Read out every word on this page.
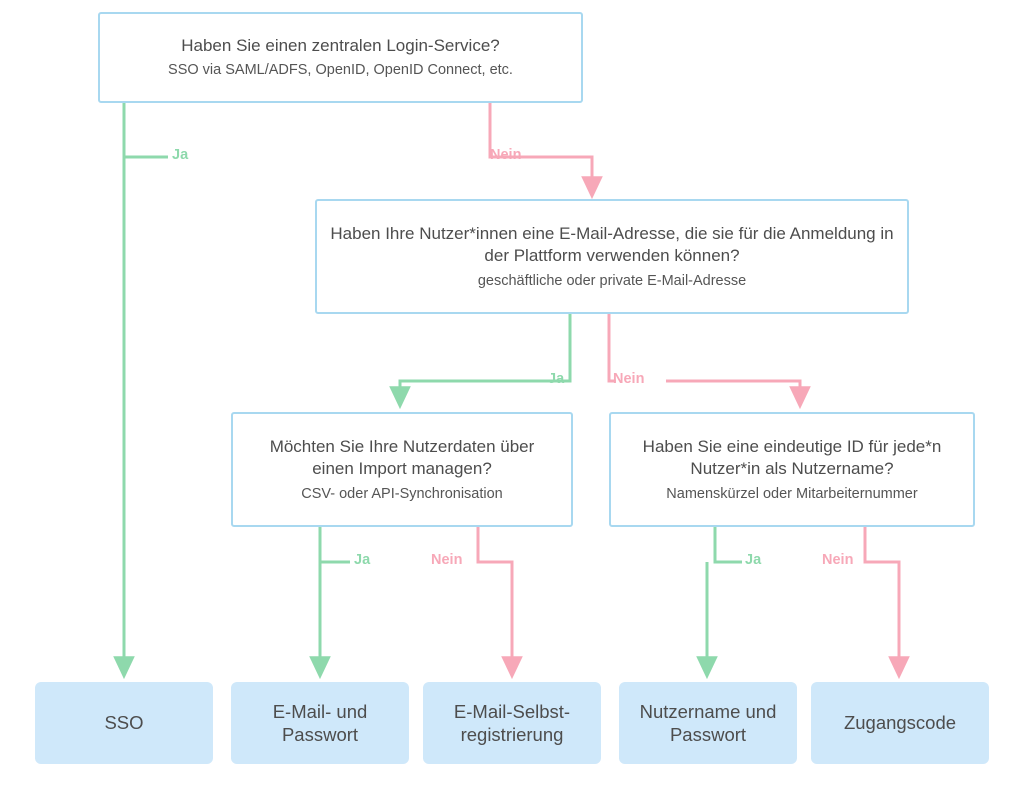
Haben Sie einen zentralen Login-Service?
SSO via SAML/ADFS, OpenID, OpenID Connect, etc.
Haben Ihre Nutzer*innen eine E-Mail-Adresse, die sie für die Anmeldung in der Plattform verwenden können?
geschäftliche oder private E-Mail-Adresse
Möchten Sie Ihre Nutzerdaten über einen Import managen?
CSV- oder API-Synchronisation
Haben Sie eine eindeutige ID für jede*n Nutzer*in als Nutzername?
Namenskürzel oder Mitarbeiternummer
SSO
E-Mail- und Passwort
E-Mail-Selbst-registrierung
Nutzername und Passwort
Zugangscode
Ja	Nein
Ja	Nein
Ja	Nein	Ja	Nein
